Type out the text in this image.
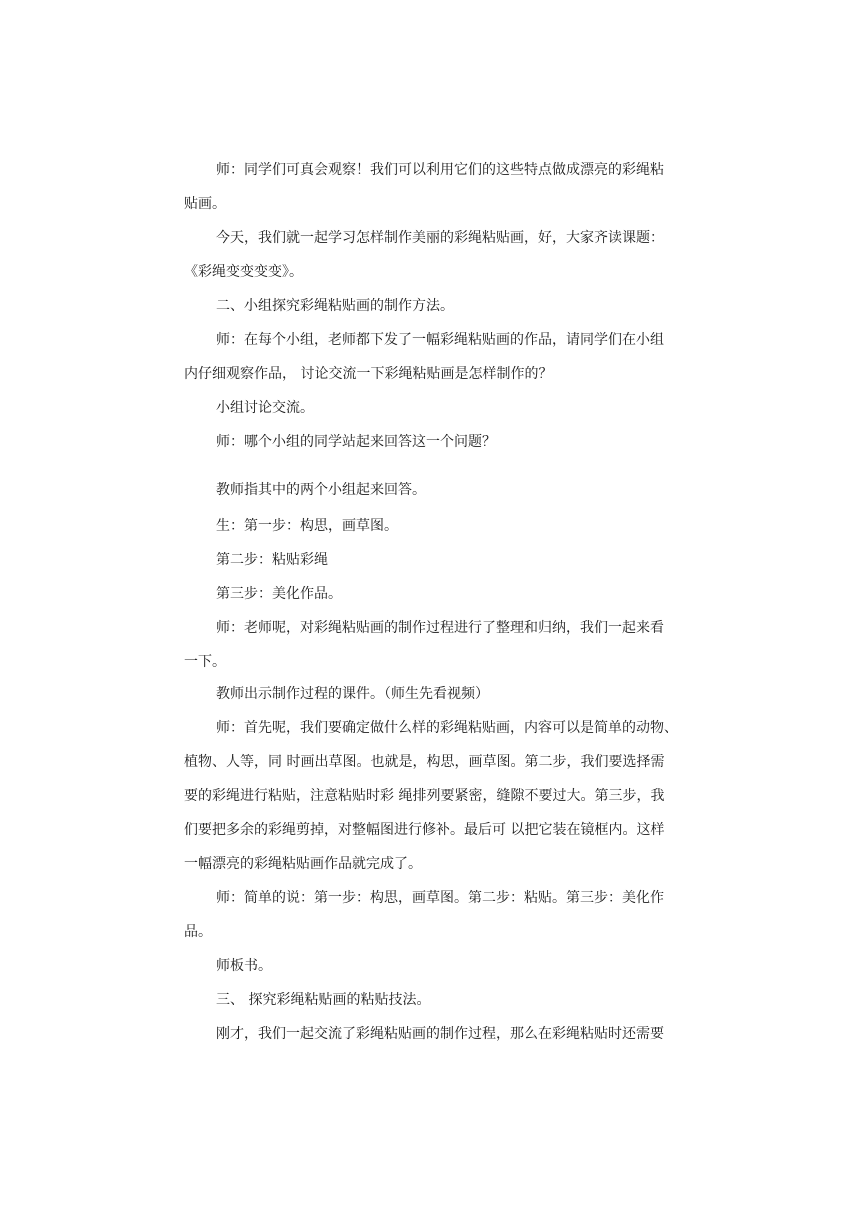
师：同学们可真会观察！我们可以利用它们的这些特点做成漂亮的彩绳粘
贴画。
今天，我们就一起学习怎样制作美丽的彩绳粘贴画，好，大家齐读课题：
《彩绳变变变变》。
二、小组探究彩绳粘贴画的制作方法。
师：在每个小组，老师都下发了一幅彩绳粘贴画的作品，请同学们在小组
内仔细观察作品， 讨论交流一下彩绳粘贴画是怎样制作的？
小组讨论交流。
师：哪个小组的同学站起来回答这一个问题？
教师指其中的两个小组起来回答。
生：第一步：构思，画草图。
第二步：粘贴彩绳
第三步：美化作品。
师：老师呢，对彩绳粘贴画的制作过程进行了整理和归纳，我们一起来看
一下。
教师出示制作过程的课件。（师生先看视频）
师：首先呢，我们要确定做什么样的彩绳粘贴画，内容可以是简单的动物、
植物、人等，同 时画出草图。也就是，构思，画草图。第二步，我们要选择需
要的彩绳进行粘贴，注意粘贴时彩 绳排列要紧密，缝隙不要过大。第三步，我
们要把多余的彩绳剪掉，对整幅图进行修补。最后可 以把它装在镜框内。这样
一幅漂亮的彩绳粘贴画作品就完成了。
师：简单的说：第一步：构思，画草图。第二步：粘贴。第三步：美化作
品。
师板书。
三、 探究彩绳粘贴画的粘贴技法。
刚才，我们一起交流了彩绳粘贴画的制作过程，那么在彩绳粘贴时还需要
